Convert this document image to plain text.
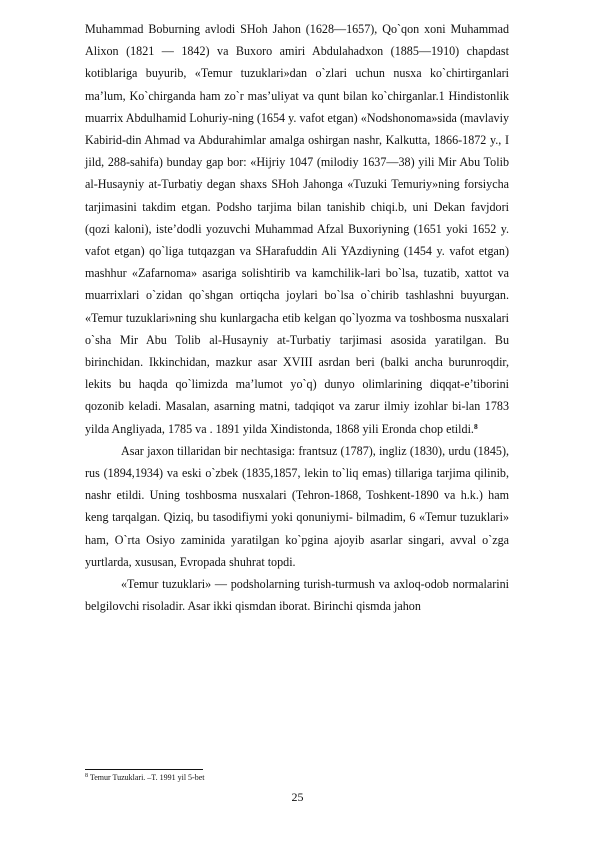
Muhammad Boburning avlodi SHoh Jahon (1628—1657), Qo`qon xoni Muhammad Alixon (1821 — 1842) va Buxoro amiri Abdulahadxon (1885—1910) chapdast kotiblariga buyurib, «Temur tuzuklari»dan o`zlari uchun nusxa ko`chirtirganlari ma’lum, Ko`chirganda ham zo`r mas’uliyat va qunt bilan ko`chirganlar.1 Hindistonlik muarrix Abdulhamid Lohuriy-ning (1654 y. vafot etgan) «Nodshonoma»sida (mavlaviy Kabirid-din Ahmad va Abdurahimlar amalga oshirgan nashr, Kalkutta, 1866-1872 y., I jild, 288-sahifa) bunday gap bor: «Hijriy 1047 (milodiy 1637—38) yili Mir Abu Tolib al-Husayniy at-Turbatiy degan shaxs SHoh Jahonga «Tuzuki Temuriy»ning forsiycha tarjimasini takdim etgan. Podsho tarjima bilan tanishib chiqi.b, uni Dekan favjdori (qozi kaloni), iste’dodli yozuvchi Muhammad Afzal Buxoriyning (1651 yoki 1652 y. vafot etgan) qo`liga tutqazgan va SHarafuddin Ali YAzdiyning (1454 y. vafot etgan) mashhur «Zafarnoma» asariga solishtirib va kamchilik-lari bo`lsa, tuzatib, xattot va muarrixlari o`zidan qo`shgan ortiqcha joylari bo`lsa o`chirib tashlashni buyurgan. «Temur tuzuklari»ning shu kunlargacha etib kelgan qo`lyozma va toshbosma nusxalari o`sha Mir Abu Tolib al-Husayniy at-Turbatiy tarjimasi asosida yaratilgan. Bu birinchidan. Ikkinchidan, mazkur asar XVIII asrdan beri (balki ancha burunroqdir, lekits bu haqda qo`limizda ma’lumot yo`q) dunyo olimlarining diqqat-e’tiborini qozonib keladi. Masalan, asarning matni, tadqiqot va zarur ilmiy izohlar bi-lan 1783 yilda Angliyada, 1785 va . 1891 yilda Xindistonda, 1868 yili Eronda chop etildi.$^8$

Asar jaxon tillaridan bir nechtasiga: frantsuz (1787), ingliz (1830), urdu (1845), rus (1894,1934) va eski o`zbek (1835,1857, lekin to`liq emas) tillariga tarjima qilinib, nashr etildi. Uning toshbosma nusxalari (Tehron-1868, Toshkent-1890 va h.k.) ham keng tarqalgan. Qiziq, bu tasodifiymi yoki qonuniymi- bilmadim, 6 «Temur tuzuklari» ham, O`rta Osiyo zaminida yaratilgan ko`pgina ajoyib asarlar singari, avval o`zga yurtlarda, xususan, Evropada shuhrat topdi.

«Temur tuzuklari» — podsholarning turish-turmush va axloq-odob normalarini belgilovchi risoladir. Asar ikki qismdan iborat. Birinchi qismda jahon

$^8$ Temur Tuzuklari. –T. 1991 yil 5-bet
25
